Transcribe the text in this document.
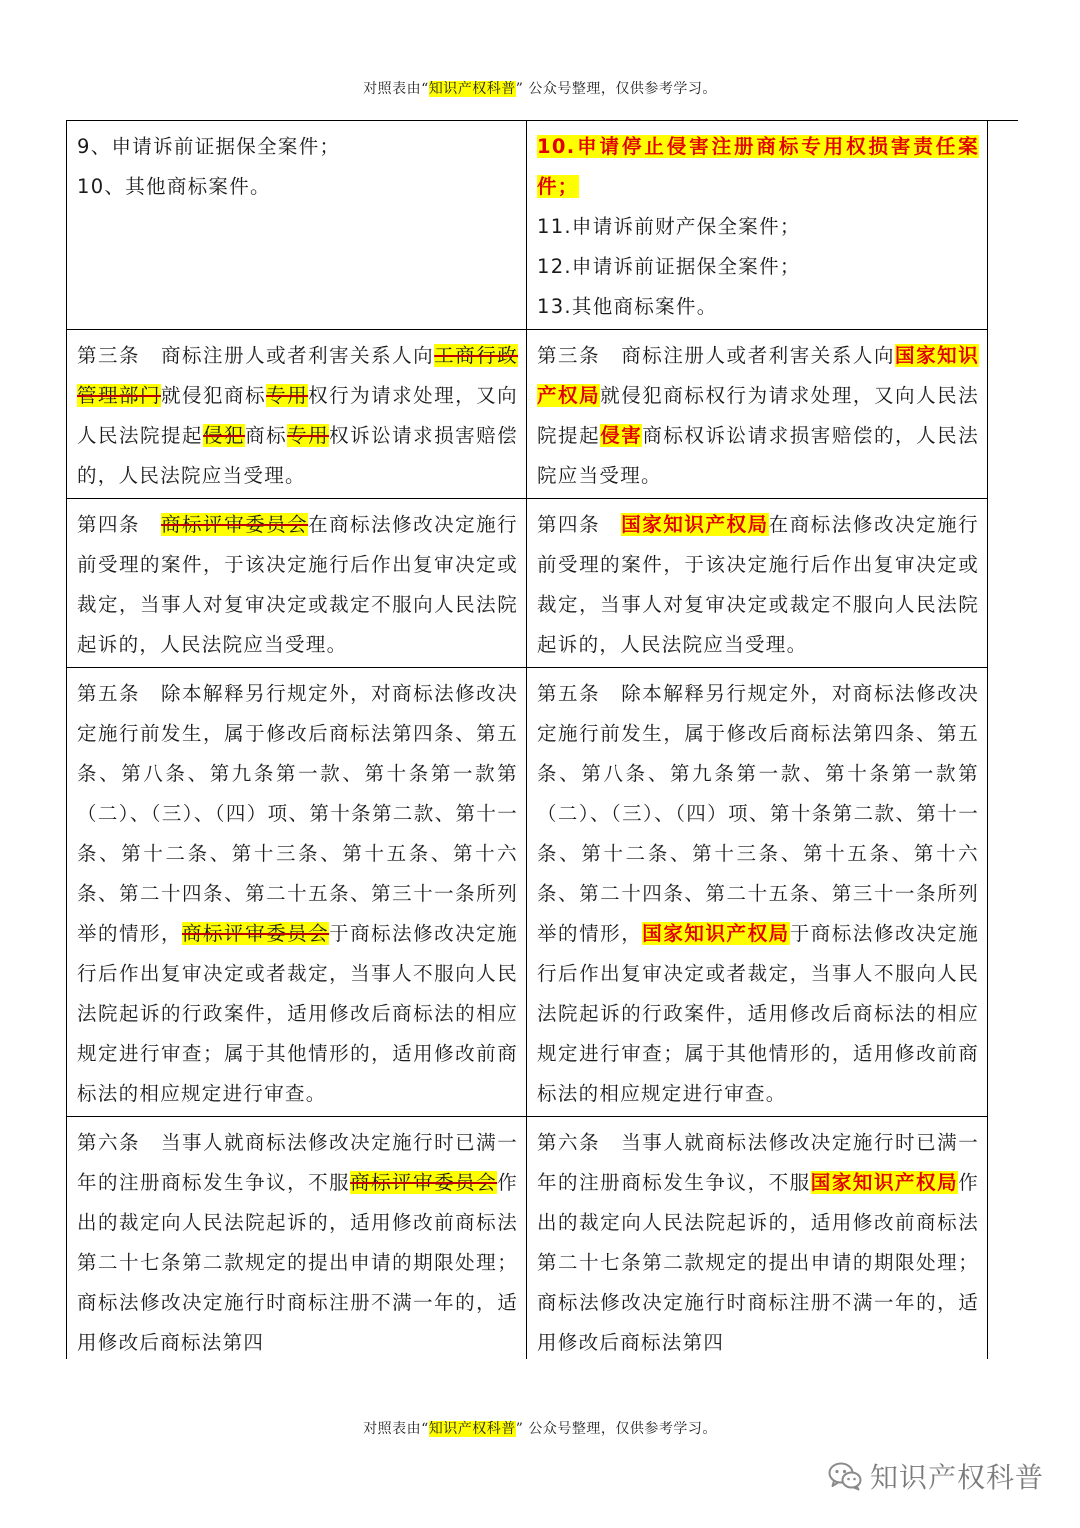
对照表由“知识产权科普” 公众号整理，仅供参考学习。

9、申请诉前证据保全案件；

10、其他商标案件。

10.申请停止侵害注册商标专用权损害责任案件；

11.申请诉前财产保全案件；

12.申请诉前证据保全案件；

13.其他商标案件。

第三条　商标注册人或者利害关系人向工商行政管理部门就侵犯商标专用权行为请求处理，又向人民法院提起侵犯商标专用权诉讼请求损害赔偿的，人民法院应当受理。

第三条　商标注册人或者利害关系人向国家知识产权局就侵犯商标权行为请求处理，又向人民法院提起侵害商标权诉讼请求损害赔偿的，人民法院应当受理。

第四条　商标评审委员会在商标法修改决定施行前受理的案件，于该决定施行后作出复审决定或裁定，当事人对复审决定或裁定不服向人民法院起诉的，人民法院应当受理。

第四条　国家知识产权局在商标法修改决定施行前受理的案件，于该决定施行后作出复审决定或裁定，当事人对复审决定或裁定不服向人民法院起诉的，人民法院应当受理。

第五条　除本解释另行规定外，对商标法修改决定施行前发生，属于修改后商标法第四条、第五条、第八条、第九条第一款、第十条第一款第（二）、（三）、（四）项、第十条第二款、第十一条、第十二条、第十三条、第十五条、第十六条、第二十四条、第二十五条、第三十一条所列举的情形，商标评审委员会于商标法修改决定施行后作出复审决定或者裁定，当事人不服向人民法院起诉的行政案件，适用修改后商标法的相应规定进行审查；属于其他情形的，适用修改前商标法的相应规定进行审查。

第五条　除本解释另行规定外，对商标法修改决定施行前发生，属于修改后商标法第四条、第五条、第八条、第九条第一款、第十条第一款第（二）、（三）、（四）项、第十条第二款、第十一条、第十二条、第十三条、第十五条、第十六条、第二十四条、第二十五条、第三十一条所列举的情形，国家知识产权局于商标法修改决定施行后作出复审决定或者裁定，当事人不服向人民法院起诉的行政案件，适用修改后商标法的相应规定进行审查；属于其他情形的，适用修改前商标法的相应规定进行审查。

第六条　当事人就商标法修改决定施行时已满一年的注册商标发生争议，不服商标评审委员会作出的裁定向人民法院起诉的，适用修改前商标法第二十七条第二款规定的提出申请的期限处理；商标法修改决定施行时商标注册不满一年的，适用修改后商标法第四

第六条　当事人就商标法修改决定施行时已满一年的注册商标发生争议，不服国家知识产权局作出的裁定向人民法院起诉的，适用修改前商标法第二十七条第二款规定的提出申请的期限处理；商标法修改决定施行时商标注册不满一年的，适用修改后商标法第四

对照表由“知识产权科普” 公众号整理，仅供参考学习。
知识产权科普
